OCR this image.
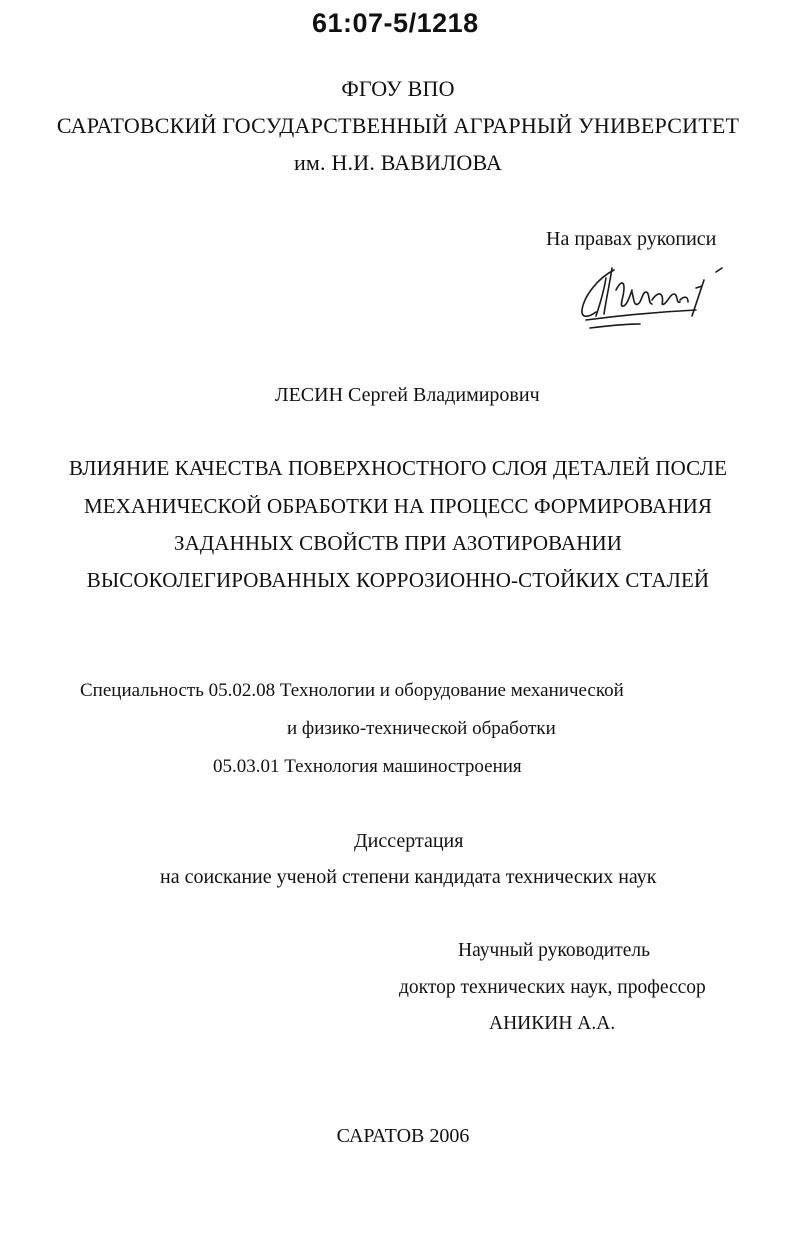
61:07-5/1218
ФГОУ ВПО
САРАТОВСКИЙ ГОСУДАРСТВЕННЫЙ АГРАРНЫЙ УНИВЕРСИТЕТ
им. Н.И. ВАВИЛОВА
На правах рукописи
ЛЕСИН Сергей Владимирович
ВЛИЯНИЕ КАЧЕСТВА ПОВЕРХНОСТНОГО СЛОЯ ДЕТАЛЕЙ ПОСЛЕ
МЕХАНИЧЕСКОЙ ОБРАБОТКИ НА ПРОЦЕСС ФОРМИРОВАНИЯ
ЗАДАННЫХ СВОЙСТВ ПРИ АЗОТИРОВАНИИ
ВЫСОКОЛЕГИРОВАННЫХ КОРРОЗИОННО-СТОЙКИХ СТАЛЕЙ
Специальность 05.02.08 Технологии и оборудование механической
и физико-технической обработки
05.03.01 Технология машиностроения
Диссертация
на соискание ученой степени кандидата технических наук
Научный руководитель
доктор технических наук, профессор
АНИКИН А.А.
САРАТОВ 2006
